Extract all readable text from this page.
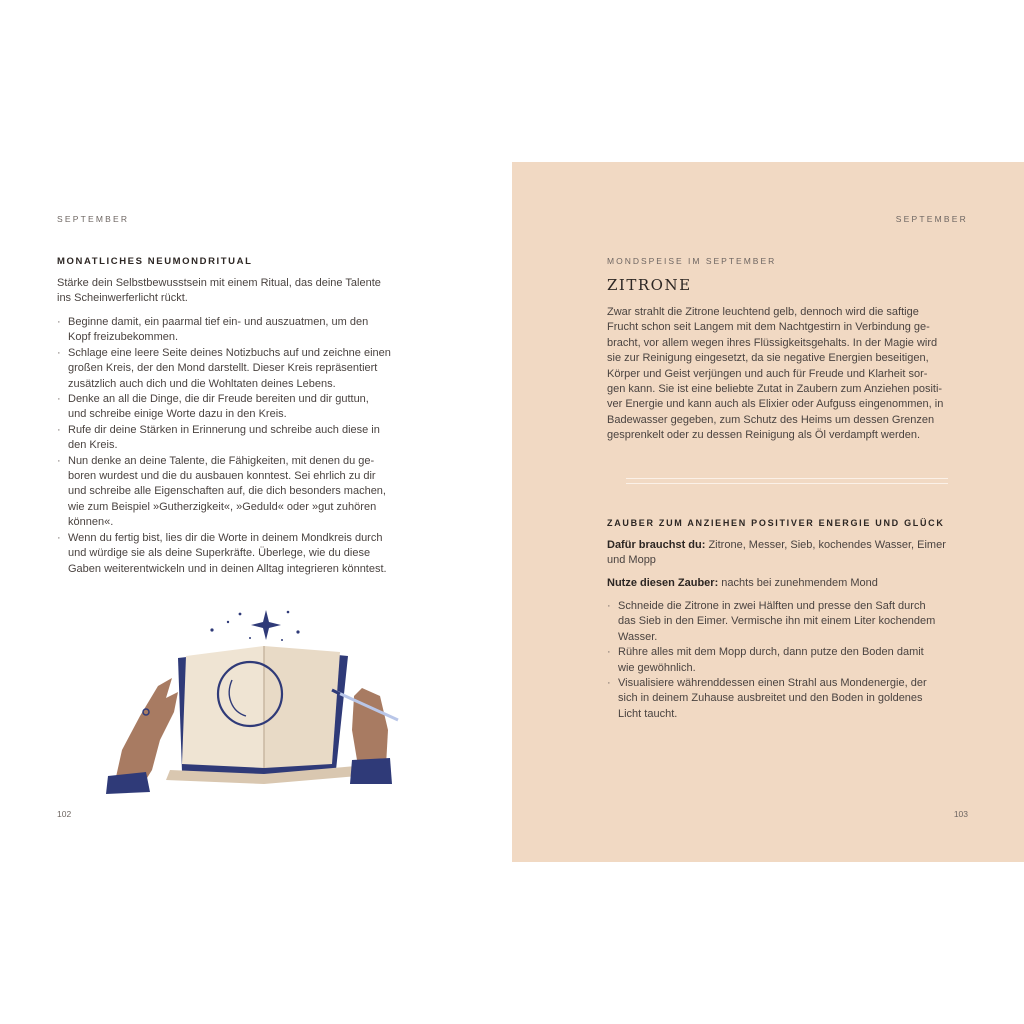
SEPTEMBER
MONATLICHES NEUMONDRITUAL
Stärke dein Selbstbewusstsein mit einem Ritual, das deine Talente
ins Scheinwerferlicht rückt.
· Beginne damit, ein paarmal tief ein- und auszuatmen, um den
Kopf freizubekommen.
· Schlage eine leere Seite deines Notizbuchs auf und zeichne einen
großen Kreis, der den Mond darstellt. Dieser Kreis repräsentiert
zusätzlich auch dich und die Wohltaten deines Lebens.
· Denke an all die Dinge, die dir Freude bereiten und dir guttun,
und schreibe einige Worte dazu in den Kreis.
· Rufe dir deine Stärken in Erinnerung und schreibe auch diese in
den Kreis.
· Nun denke an deine Talente, die Fähigkeiten, mit denen du ge-
boren wurdest und die du ausbauen konntest. Sei ehrlich zu dir
und schreibe alle Eigenschaften auf, die dich besonders machen,
wie zum Beispiel »Gutherzigkeit«, »Geduld« oder »gut zuhören
können«.
· Wenn du fertig bist, lies dir die Worte in deinem Mondkreis durch
und würdige sie als deine Superkräfte. Überlege, wie du diese
Gaben weiterentwickeln und in deinen Alltag integrieren könntest.
102
SEPTEMBER
MONDSPEISE IM SEPTEMBER
ZITRONE
Zwar strahlt die Zitrone leuchtend gelb, dennoch wird die saftige
Frucht schon seit Langem mit dem Nachtgestirn in Verbindung ge-
bracht, vor allem wegen ihres Flüssigkeitsgehalts. In der Magie wird
sie zur Reinigung eingesetzt, da sie negative Energien beseitigen,
Körper und Geist verjüngen und auch für Freude und Klarheit sor-
gen kann. Sie ist eine beliebte Zutat in Zaubern zum Anziehen positi-
ver Energie und kann auch als Elixier oder Aufguss eingenommen, in
Badewasser gegeben, zum Schutz des Heims um dessen Grenzen
gesprenkelt oder zu dessen Reinigung als Öl verdampft werden.
ZAUBER ZUM ANZIEHEN POSITIVER ENERGIE UND GLÜCK
Dafür brauchst du: Zitrone, Messer, Sieb, kochendes Wasser, Eimer
und Mopp
Nutze diesen Zauber: nachts bei zunehmendem Mond
· Schneide die Zitrone in zwei Hälften und presse den Saft durch
das Sieb in den Eimer. Vermische ihn mit einem Liter kochendem
Wasser.
· Rühre alles mit dem Mopp durch, dann putze den Boden damit
wie gewöhnlich.
· Visualisiere währenddessen einen Strahl aus Mondenergie, der
sich in deinem Zuhause ausbreitet und den Boden in goldenes
Licht taucht.
103
